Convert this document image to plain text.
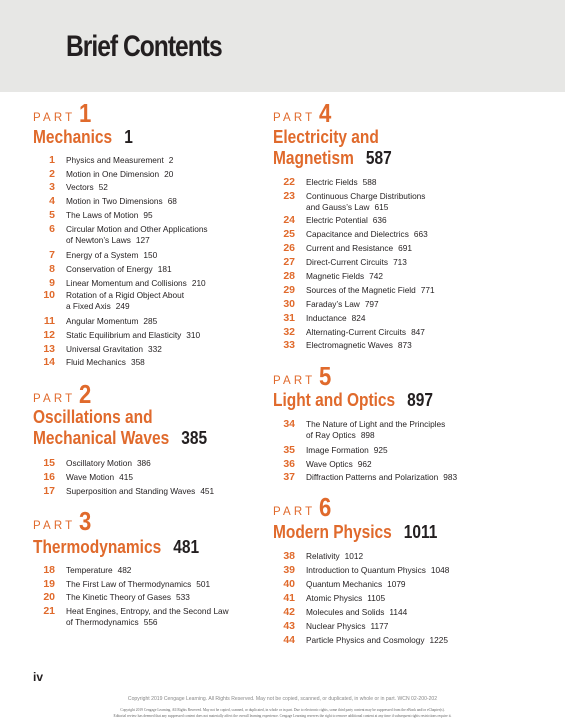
Brief Contents
PART 1
Mechanics 1
1 Physics and Measurement 2
2 Motion in One Dimension 20
3 Vectors 52
4 Motion in Two Dimensions 68
5 The Laws of Motion 95
6 Circular Motion and Other Applications
of Newton’s Laws 127
7 Energy of a System 150
8 Conservation of Energy 181
9 Linear Momentum and Collisions 210
10 Rotation of a Rigid Object About
a Fixed Axis 249
11 Angular Momentum 285
12 Static Equilibrium and Elasticity 310
13 Universal Gravitation 332
14 Fluid Mechanics 358
PART 2
Oscillations and
Mechanical Waves 385
15 Oscillatory Motion 386
16 Wave Motion 415
17 Superposition and Standing Waves 451
PART 3
Thermodynamics 481
18 Temperature 482
19 The First Law of Thermodynamics 501
20 The Kinetic Theory of Gases 533
21 Heat Engines, Entropy, and the Second Law
of Thermodynamics 556
PART 4
Electricity and
Magnetism 587
22 Electric Fields 588
23 Continuous Charge Distributions
and Gauss’s Law 615
24 Electric Potential 636
25 Capacitance and Dielectrics 663
26 Current and Resistance 691
27 Direct-Current Circuits 713
28 Magnetic Fields 742
29 Sources of the Magnetic Field 771
30 Faraday’s Law 797
31 Inductance 824
32 Alternating-Current Circuits 847
33 Electromagnetic Waves 873
PART 5
Light and Optics 897
34 The Nature of Light and the Principles
of Ray Optics 898
35 Image Formation 925
36 Wave Optics 962
37 Diffraction Patterns and Polarization 983
PART 6
Modern Physics 1011
38 Relativity 1012
39 Introduction to Quantum Physics 1048
40 Quantum Mechanics 1079
41 Atomic Physics 1105
42 Molecules and Solids 1144
43 Nuclear Physics 1177
44 Particle Physics and Cosmology 1225
iv
Copyright 2019 Cengage Learning. All Rights Reserved. May not be copied, scanned, or duplicated, in whole or in part. WCN 02-200-202
Copyright 2019 Cengage Learning. All Rights Reserved. May not be copied, scanned, or duplicated, in whole or in part. Due to electronic rights, some third party content may be suppressed from the eBook and/or eChapter(s).
Editorial review has deemed that any suppressed content does not materially affect the overall learning experience. Cengage Learning reserves the right to remove additional content at any time if subsequent rights restrictions require it.
